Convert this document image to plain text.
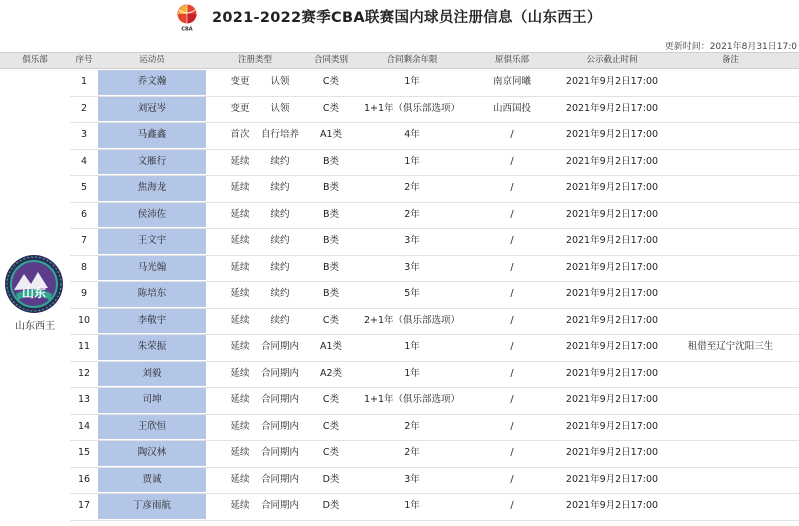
CBA
2021-2022赛季CBA联赛国内球员注册信息（山东西王）
更新时间：2021年8月31日17:0
俱乐部	序号	运动员	注册类型	合同类别	合同剩余年限	原俱乐部	公示截止时间	备注
山东
山东西王
1	乔文瀚	变更	认领	C类	1年	南京同曦	2021年9月2日17:00
2	刘冠岑	变更	认领	C类	1+1年（俱乐部选项）	山西国投	2021年9月2日17:00
3	马鑫鑫	首次	自行培养	A1类	4年	/	2021年9月2日17:00
4	文雁行	延续	续约	B类	1年	/	2021年9月2日17:00
5	焦海龙	延续	续约	B类	2年	/	2021年9月2日17:00
6	侯沛佐	延续	续约	B类	2年	/	2021年9月2日17:00
7	王文宇	延续	续约	B类	3年	/	2021年9月2日17:00
8	马光翰	延续	续约	B类	3年	/	2021年9月2日17:00
9	陈培东	延续	续约	B类	5年	/	2021年9月2日17:00
10	李敬宇	延续	续约	C类	2+1年（俱乐部选项）	/	2021年9月2日17:00
11	朱荣振	延续	合同期内	A1类	1年	/	2021年9月2日17:00	租借至辽宁沈阳三生
12	刘毅	延续	合同期内	A2类	1年	/	2021年9月2日17:00
13	司坤	延续	合同期内	C类	1+1年（俱乐部选项）	/	2021年9月2日17:00
14	王欣恒	延续	合同期内	C类	2年	/	2021年9月2日17:00
15	陶汉林	延续	合同期内	C类	2年	/	2021年9月2日17:00
16	贾诚	延续	合同期内	D类	3年	/	2021年9月2日17:00
17	丁彦雨航	延续	合同期内	D类	1年	/	2021年9月2日17:00
